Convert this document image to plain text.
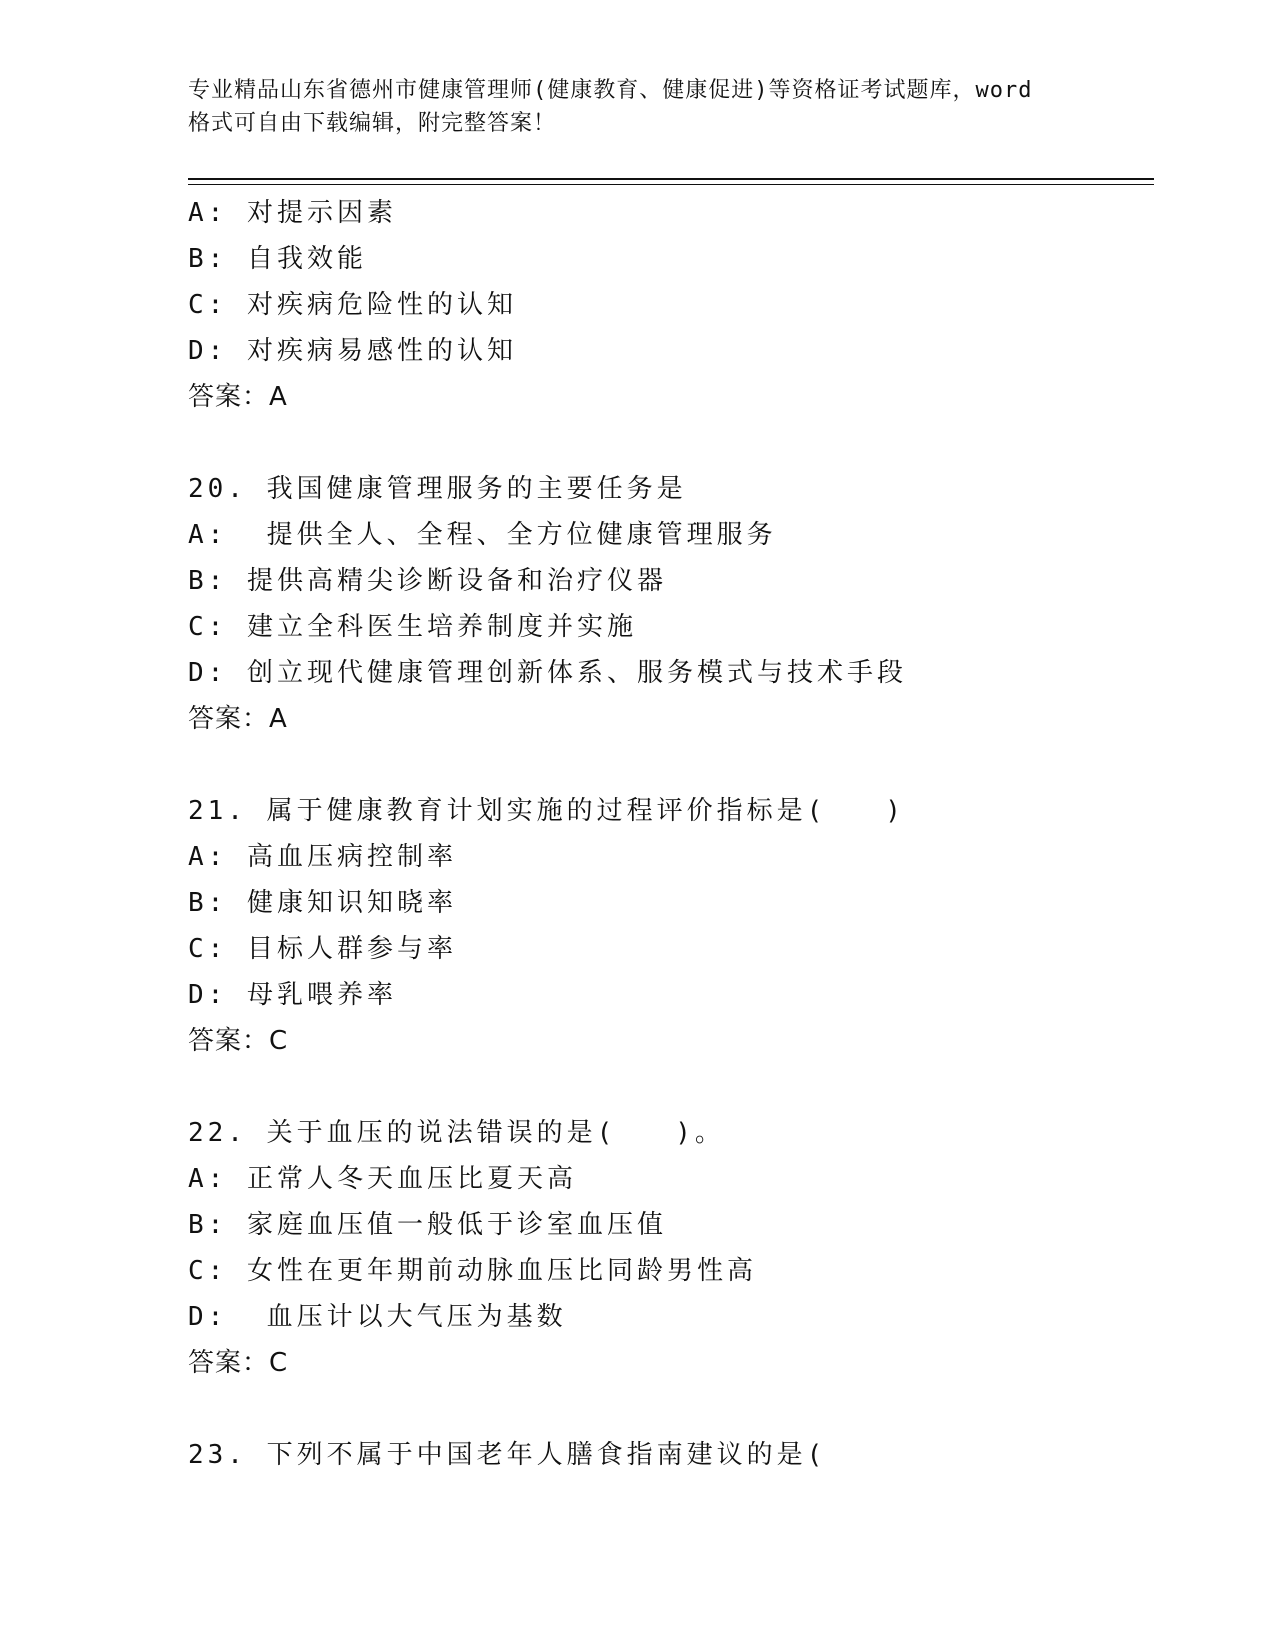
专业精品山东省德州市健康管理师(健康教育、健康促进)等资格证考试题库，word
格式可自由下载编辑，附完整答案！
A: 对提示因素
B: 自我效能
C: 对疾病危险性的认知
D: 对疾病易感性的认知
答案：A
20. 我国健康管理服务的主要任务是
A:  提供全人、全程、全方位健康管理服务
B: 提供高精尖诊断设备和治疗仪器
C: 建立全科医生培养制度并实施
D: 创立现代健康管理创新体系、服务模式与技术手段
答案：A
21. 属于健康教育计划实施的过程评价指标是(   )
A: 高血压病控制率
B: 健康知识知晓率
C: 目标人群参与率
D: 母乳喂养率
答案：C
22. 关于血压的说法错误的是(   )。
A: 正常人冬天血压比夏天高
B: 家庭血压值一般低于诊室血压值
C: 女性在更年期前动脉血压比同龄男性高
D:  血压计以大气压为基数
答案：C
23. 下列不属于中国老年人膳食指南建议的是(
